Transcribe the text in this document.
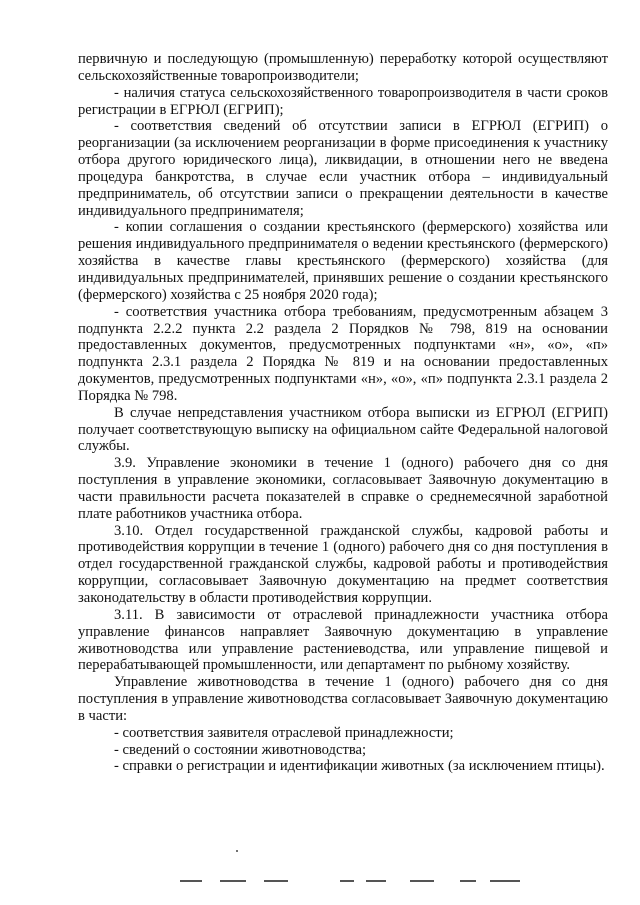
первичную и последующую (промышленную) переработку которой осуществляют сельскохозяйственные товаропроизводители;

- наличия статуса сельскохозяйственного товаропроизводителя в части сроков регистрации в ЕГРЮЛ (ЕГРИП);

- соответствия сведений об отсутствии записи в ЕГРЮЛ (ЕГРИП) о реорганизации (за исключением реорганизации в форме присоединения к участнику отбора другого юридического лица), ликвидации, в отношении него не введена процедура банкротства, в случае если участник отбора – индивидуальный предприниматель, об отсутствии записи о прекращении деятельности в качестве индивидуального предпринимателя;

- копии соглашения о создании крестьянского (фермерского) хозяйства или решения индивидуального предпринимателя о ведении крестьянского (фермерского) хозяйства в качестве главы крестьянского (фермерского) хозяйства (для индивидуальных предпринимателей, принявших решение о создании крестьянского (фермерского) хозяйства с 25 ноября 2020 года);

- соответствия участника отбора требованиям, предусмотренным абзацем 3 подпункта 2.2.2 пункта 2.2 раздела 2 Порядков № 798, 819 на основании предоставленных документов, предусмотренных подпунктами «н», «о», «п» подпункта 2.3.1 раздела 2 Порядка № 819 и на основании предоставленных документов, предусмотренных подпунктами «н», «о», «п» подпункта 2.3.1 раздела 2 Порядка № 798.

В случае непредставления участником отбора выписки из ЕГРЮЛ (ЕГРИП) получает соответствующую выписку на официальном сайте Федеральной налоговой службы.

3.9. Управление экономики в течение 1 (одного) рабочего дня со дня поступления в управление экономики, согласовывает Заявочную документацию в части правильности расчета показателей в справке о среднемесячной заработной плате работников участника отбора.

3.10. Отдел государственной гражданской службы, кадровой работы и противодействия коррупции в течение 1 (одного) рабочего дня со дня поступления в отдел государственной гражданской службы, кадровой работы и противодействия коррупции, согласовывает Заявочную документацию на предмет соответствия законодательству в области противодействия коррупции.

3.11. В зависимости от отраслевой принадлежности участника отбора управление финансов направляет Заявочную документацию в управление животноводства или управление растениеводства, или управление пищевой и перерабатывающей промышленности, или департамент по рыбному хозяйству.

Управление животноводства в течение 1 (одного) рабочего дня со дня поступления в управление животноводства согласовывает Заявочную документацию в части:

- соответствия заявителя отраслевой принадлежности;

- сведений о состоянии животноводства;

- справки о регистрации и идентификации животных (за исключением птицы).
